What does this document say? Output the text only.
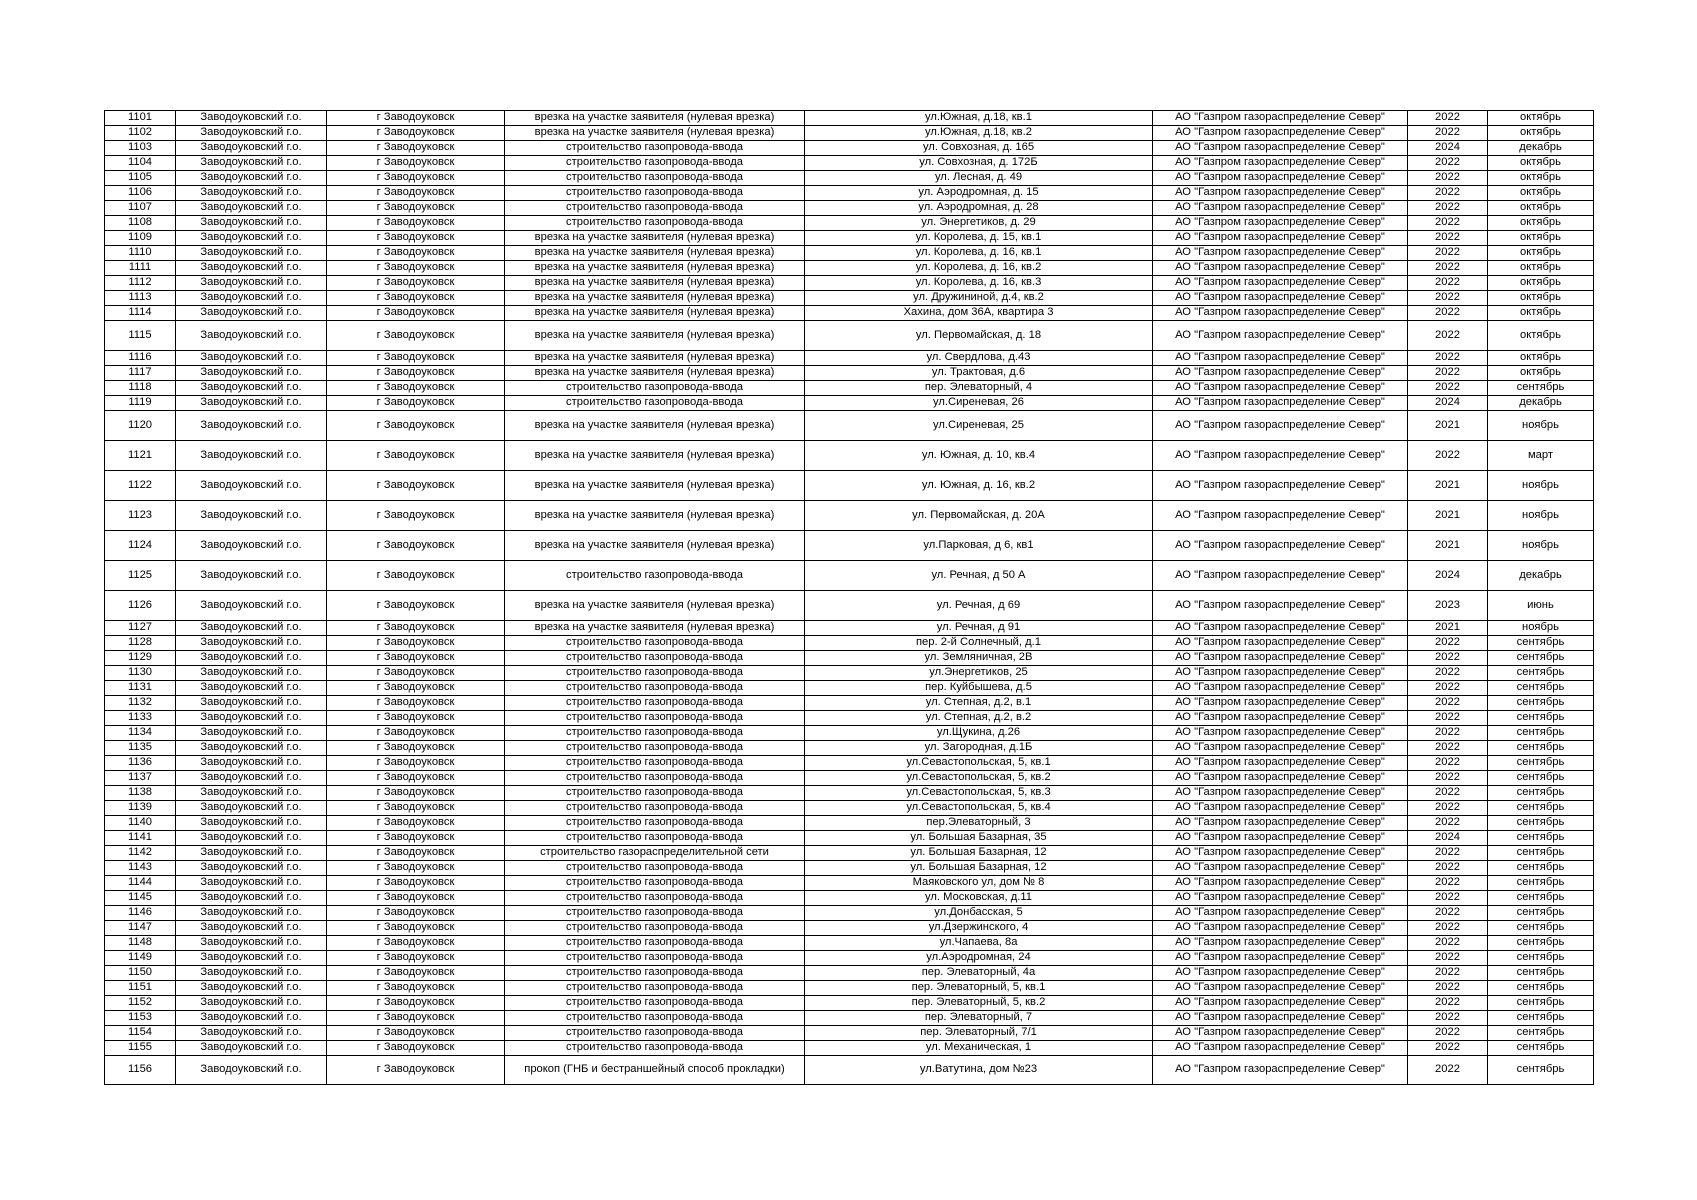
1101	Заводоуковский г.о.	г Заводоуковск	врезка на участке заявителя (нулевая врезка)	ул.Южная, д.18, кв.1	АО "Газпром газораспределение Север"	2022	октябрь
1102	Заводоуковский г.о.	г Заводоуковск	врезка на участке заявителя (нулевая врезка)	ул.Южная, д.18, кв.2	АО "Газпром газораспределение Север"	2022	октябрь
1103	Заводоуковский г.о.	г Заводоуковск	строительство газопровода-ввода	ул. Совхозная, д. 165	АО "Газпром газораспределение Север"	2024	декабрь
1104	Заводоуковский г.о.	г Заводоуковск	строительство газопровода-ввода	ул. Совхозная, д. 172Б	АО "Газпром газораспределение Север"	2022	октябрь
1105	Заводоуковский г.о.	г Заводоуковск	строительство газопровода-ввода	ул. Лесная, д. 49	АО "Газпром газораспределение Север"	2022	октябрь
1106	Заводоуковский г.о.	г Заводоуковск	строительство газопровода-ввода	ул. Аэродромная, д. 15	АО "Газпром газораспределение Север"	2022	октябрь
1107	Заводоуковский г.о.	г Заводоуковск	строительство газопровода-ввода	ул. Аэродромная, д. 28	АО "Газпром газораспределение Север"	2022	октябрь
1108	Заводоуковский г.о.	г Заводоуковск	строительство газопровода-ввода	ул. Энергетиков, д. 29	АО "Газпром газораспределение Север"	2022	октябрь
1109	Заводоуковский г.о.	г Заводоуковск	врезка на участке заявителя (нулевая врезка)	ул. Королева, д. 15, кв.1	АО "Газпром газораспределение Север"	2022	октябрь
1110	Заводоуковский г.о.	г Заводоуковск	врезка на участке заявителя (нулевая врезка)	ул. Королева, д. 16, кв.1	АО "Газпром газораспределение Север"	2022	октябрь
1111	Заводоуковский г.о.	г Заводоуковск	врезка на участке заявителя (нулевая врезка)	ул. Королева, д. 16, кв.2	АО "Газпром газораспределение Север"	2022	октябрь
1112	Заводоуковский г.о.	г Заводоуковск	врезка на участке заявителя (нулевая врезка)	ул. Королева, д. 16, кв.3	АО "Газпром газораспределение Север"	2022	октябрь
1113	Заводоуковский г.о.	г Заводоуковск	врезка на участке заявителя (нулевая врезка)	ул. Дружининой, д.4, кв.2	АО "Газпром газораспределение Север"	2022	октябрь
1114	Заводоуковский г.о.	г Заводоуковск	врезка на участке заявителя (нулевая врезка)	Хахина, дом 36А, квартира 3	АО "Газпром газораспределение Север"	2022	октябрь
1115	Заводоуковский г.о.	г Заводоуковск	врезка на участке заявителя (нулевая врезка)	ул. Первомайская, д. 18	АО "Газпром газораспределение Север"	2022	октябрь
1116	Заводоуковский г.о.	г Заводоуковск	врезка на участке заявителя (нулевая врезка)	ул. Свердлова, д.43	АО "Газпром газораспределение Север"	2022	октябрь
1117	Заводоуковский г.о.	г Заводоуковск	врезка на участке заявителя (нулевая врезка)	ул. Трактовая, д.6	АО "Газпром газораспределение Север"	2022	октябрь
1118	Заводоуковский г.о.	г Заводоуковск	строительство газопровода-ввода	пер. Элеваторный, 4	АО "Газпром газораспределение Север"	2022	сентябрь
1119	Заводоуковский г.о.	г Заводоуковск	строительство газопровода-ввода	ул.Сиреневая, 26	АО "Газпром газораспределение Север"	2024	декабрь
1120	Заводоуковский г.о.	г Заводоуковск	врезка на участке заявителя (нулевая врезка)	ул.Сиреневая, 25	АО "Газпром газораспределение Север"	2021	ноябрь
1121	Заводоуковский г.о.	г Заводоуковск	врезка на участке заявителя (нулевая врезка)	ул. Южная, д. 10, кв.4	АО "Газпром газораспределение Север"	2022	март
1122	Заводоуковский г.о.	г Заводоуковск	врезка на участке заявителя (нулевая врезка)	ул. Южная, д. 16, кв.2	АО "Газпром газораспределение Север"	2021	ноябрь
1123	Заводоуковский г.о.	г Заводоуковск	врезка на участке заявителя (нулевая врезка)	ул. Первомайская, д. 20А	АО "Газпром газораспределение Север"	2021	ноябрь
1124	Заводоуковский г.о.	г Заводоуковск	врезка на участке заявителя (нулевая врезка)	ул.Парковая, д 6, кв1	АО "Газпром газораспределение Север"	2021	ноябрь
1125	Заводоуковский г.о.	г Заводоуковск	строительство газопровода-ввода	ул. Речная, д 50 А	АО "Газпром газораспределение Север"	2024	декабрь
1126	Заводоуковский г.о.	г Заводоуковск	врезка на участке заявителя (нулевая врезка)	ул. Речная, д 69	АО "Газпром газораспределение Север"	2023	июнь
1127	Заводоуковский г.о.	г Заводоуковск	врезка на участке заявителя (нулевая врезка)	ул. Речная, д 91	АО "Газпром газораспределение Север"	2021	ноябрь
1128	Заводоуковский г.о.	г Заводоуковск	строительство газопровода-ввода	пер. 2-й Солнечный, д.1	АО "Газпром газораспределение Север"	2022	сентябрь
1129	Заводоуковский г.о.	г Заводоуковск	строительство газопровода-ввода	ул. Земляничная, 2В	АО "Газпром газораспределение Север"	2022	сентябрь
1130	Заводоуковский г.о.	г Заводоуковск	строительство газопровода-ввода	ул.Энергетиков, 25	АО "Газпром газораспределение Север"	2022	сентябрь
1131	Заводоуковский г.о.	г Заводоуковск	строительство газопровода-ввода	пер. Куйбышева, д.5	АО "Газпром газораспределение Север"	2022	сентябрь
1132	Заводоуковский г.о.	г Заводоуковск	строительство газопровода-ввода	ул. Степная, д.2, в.1	АО "Газпром газораспределение Север"	2022	сентябрь
1133	Заводоуковский г.о.	г Заводоуковск	строительство газопровода-ввода	ул. Степная, д.2, в.2	АО "Газпром газораспределение Север"	2022	сентябрь
1134	Заводоуковский г.о.	г Заводоуковск	строительство газопровода-ввода	ул.Щукина, д.26	АО "Газпром газораспределение Север"	2022	сентябрь
1135	Заводоуковский г.о.	г Заводоуковск	строительство газопровода-ввода	ул. Загородная, д.1Б	АО "Газпром газораспределение Север"	2022	сентябрь
1136	Заводоуковский г.о.	г Заводоуковск	строительство газопровода-ввода	ул.Севастопольская, 5, кв.1	АО "Газпром газораспределение Север"	2022	сентябрь
1137	Заводоуковский г.о.	г Заводоуковск	строительство газопровода-ввода	ул.Севастопольская, 5, кв.2	АО "Газпром газораспределение Север"	2022	сентябрь
1138	Заводоуковский г.о.	г Заводоуковск	строительство газопровода-ввода	ул.Севастопольская, 5, кв.3	АО "Газпром газораспределение Север"	2022	сентябрь
1139	Заводоуковский г.о.	г Заводоуковск	строительство газопровода-ввода	ул.Севастопольская, 5, кв.4	АО "Газпром газораспределение Север"	2022	сентябрь
1140	Заводоуковский г.о.	г Заводоуковск	строительство газопровода-ввода	пер.Элеваторный, 3	АО "Газпром газораспределение Север"	2022	сентябрь
1141	Заводоуковский г.о.	г Заводоуковск	строительство газопровода-ввода	ул. Большая Базарная, 35	АО "Газпром газораспределение Север"	2024	сентябрь
1142	Заводоуковский г.о.	г Заводоуковск	строительство газораспределительной сети	ул. Большая Базарная, 12	АО "Газпром газораспределение Север"	2022	сентябрь
1143	Заводоуковский г.о.	г Заводоуковск	строительство газопровода-ввода	ул. Большая Базарная, 12	АО "Газпром газораспределение Север"	2022	сентябрь
1144	Заводоуковский г.о.	г Заводоуковск	строительство газопровода-ввода	Маяковского ул, дом № 8	АО "Газпром газораспределение Север"	2022	сентябрь
1145	Заводоуковский г.о.	г Заводоуковск	строительство газопровода-ввода	ул. Московская, д.11	АО "Газпром газораспределение Север"	2022	сентябрь
1146	Заводоуковский г.о.	г Заводоуковск	строительство газопровода-ввода	ул.Донбасская, 5	АО "Газпром газораспределение Север"	2022	сентябрь
1147	Заводоуковский г.о.	г Заводоуковск	строительство газопровода-ввода	ул.Дзержинского, 4	АО "Газпром газораспределение Север"	2022	сентябрь
1148	Заводоуковский г.о.	г Заводоуковск	строительство газопровода-ввода	ул.Чапаева, 8а	АО "Газпром газораспределение Север"	2022	сентябрь
1149	Заводоуковский г.о.	г Заводоуковск	строительство газопровода-ввода	ул.Аэродромная, 24	АО "Газпром газораспределение Север"	2022	сентябрь
1150	Заводоуковский г.о.	г Заводоуковск	строительство газопровода-ввода	пер. Элеваторный, 4а	АО "Газпром газораспределение Север"	2022	сентябрь
1151	Заводоуковский г.о.	г Заводоуковск	строительство газопровода-ввода	пер. Элеваторный, 5, кв.1	АО "Газпром газораспределение Север"	2022	сентябрь
1152	Заводоуковский г.о.	г Заводоуковск	строительство газопровода-ввода	пер. Элеваторный, 5, кв.2	АО "Газпром газораспределение Север"	2022	сентябрь
1153	Заводоуковский г.о.	г Заводоуковск	строительство газопровода-ввода	пер. Элеваторный, 7	АО "Газпром газораспределение Север"	2022	сентябрь
1154	Заводоуковский г.о.	г Заводоуковск	строительство газопровода-ввода	пер. Элеваторный, 7/1	АО "Газпром газораспределение Север"	2022	сентябрь
1155	Заводоуковский г.о.	г Заводоуковск	строительство газопровода-ввода	ул. Механическая, 1	АО "Газпром газораспределение Север"	2022	сентябрь
1156	Заводоуковский г.о.	г Заводоуковск	прокоп (ГНБ и бестраншейный способ прокладки)	ул.Ватутина, дом №23	АО "Газпром газораспределение Север"	2022	сентябрь
